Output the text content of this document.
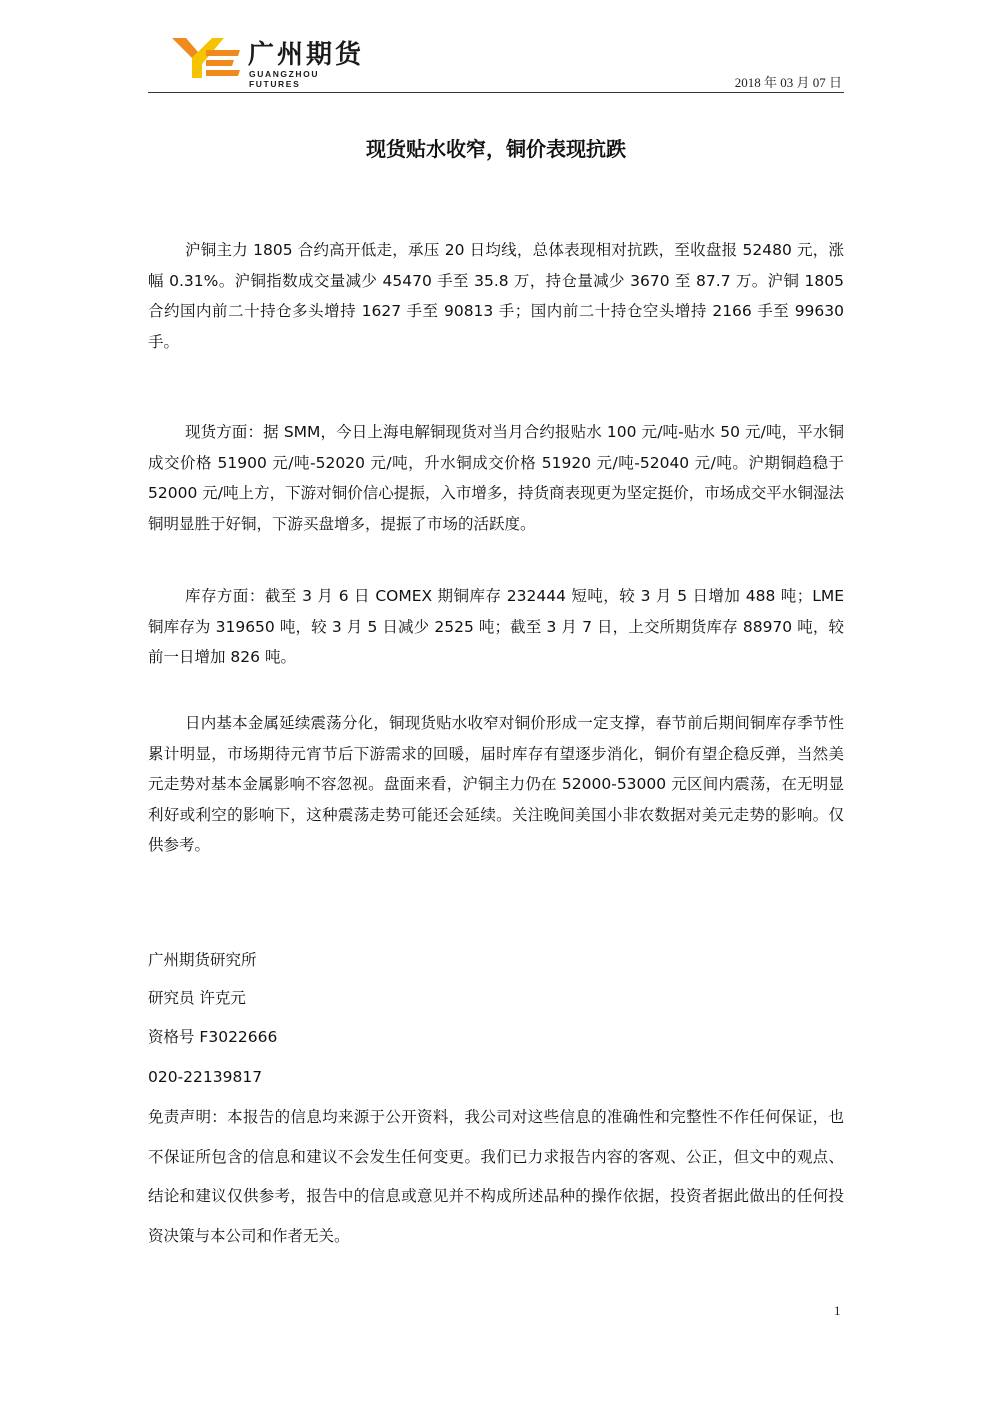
广州期货
GUANGZHOU FUTURES	2018 年 03 月 07 日
现货贴水收窄，铜价表现抗跌

沪铜主力 1805 合约高开低走，承压 20 日均线，总体表现相对抗跌，至收盘报 52480 元，涨幅 0.31%。沪铜指数成交量减少 45470 手至 35.8 万，持仓量减少 3670 至 87.7 万。沪铜 1805 合约国内前二十持仓多头增持 1627 手至 90813 手；国内前二十持仓空头增持 2166 手至 99630 手。

现货方面：据 SMM，今日上海电解铜现货对当月合约报贴水 100 元/吨-贴水 50 元/吨，平水铜成交价格 51900 元/吨-52020 元/吨，升水铜成交价格 51920 元/吨-52040 元/吨。沪期铜趋稳于 52000 元/吨上方，下游对铜价信心提振，入市增多，持货商表现更为坚定挺价，市场成交平水铜湿法铜明显胜于好铜，下游买盘增多，提振了市场的活跃度。

库存方面：截至 3 月 6 日 COMEX 期铜库存 232444 短吨，较 3 月 5 日增加 488 吨；LME 铜库存为 319650 吨，较 3 月 5 日减少 2525 吨；截至 3 月 7 日，上交所期货库存 88970 吨，较前一日增加 826 吨。

日内基本金属延续震荡分化，铜现货贴水收窄对铜价形成一定支撑，春节前后期间铜库存季节性累计明显，市场期待元宵节后下游需求的回暖，届时库存有望逐步消化，铜价有望企稳反弹，当然美元走势对基本金属影响不容忽视。盘面来看，沪铜主力仍在 52000-53000 元区间内震荡，在无明显利好或利空的影响下，这种震荡走势可能还会延续。关注晚间美国小非农数据对美元走势的影响。仅供参考。

广州期货研究所
研究员 许克元
资格号 F3022666
020-22139817

免责声明：本报告的信息均来源于公开资料，我公司对这些信息的准确性和完整性不作任何保证，也不保证所包含的信息和建议不会发生任何变更。我们已力求报告内容的客观、公正，但文中的观点、结论和建议仅供参考，报告中的信息或意见并不构成所述品种的操作依据，投资者据此做出的任何投资决策与本公司和作者无关。

1
